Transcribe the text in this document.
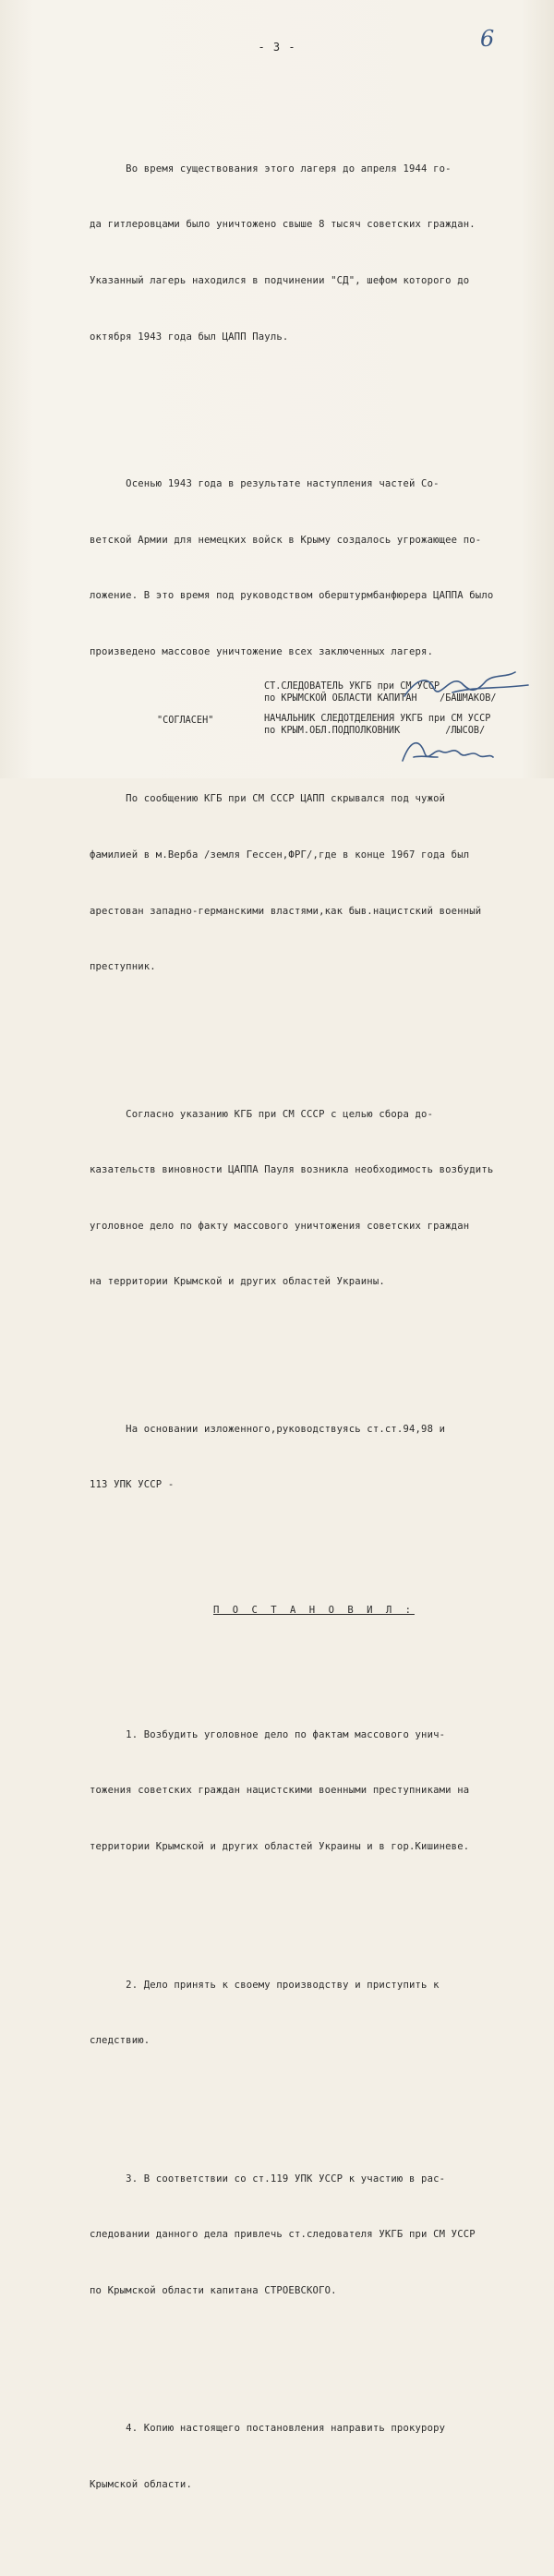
6
- 3 -

Во время существования этого лагеря до апреля 1944 го-

да гитлеровцами было уничтожено свыше 8 тысяч советских граждан.

Указанный лагерь находился в подчинении "СД", шефом которого до

октября 1943 года был ЦАПП Пауль.

Осенью 1943 года в результате наступления частей Со-

ветской Армии для немецких войск в Крыму создалось угрожающее по-

ложение. В это время под руководством оберштурмбанфюрера ЦАППА было

произведено массовое уничтожение всех заключенных лагеря.

По сообщению КГБ при СМ СССР ЦАПП скрывался под чужой

фамилией в м.Верба /земля Гессен,ФРГ/,где в конце 1967 года был

арестован западно-германскими властями,как быв.нацистский военный

преступник.

Согласно указанию КГБ при СМ СССР с целью сбора до-

казательств виновности ЦАППА Пауля возникла необходимость возбудить

уголовное дело по факту массового уничтожения советских граждан

на территории Крымской и других областей Украины.

На основании изложенного,руководствуясь ст.ст.94,98 и

113 УПК УССР -

П О С Т А Н О В И Л :

1. Возбудить уголовное дело по фактам массового унич-

тожения советских граждан нацистскими военными преступниками на

территории Крымской и других областей Украины и в гор.Кишиневе.

2. Дело принять к своему производству и приступить к

следствию.

3. В соответствии со ст.119 УПК УССР к участию в рас-

следовании данного дела привлечь ст.следователя УКГБ при СМ УССР

по Крымской области капитана СТРОЕВСКОГО.

4. Копию настоящего постановления направить прокурору

Крымской области.

"СОГЛАСЕН"

СТ.СЛЕДОВАТЕЛЬ УКГБ при СМ УССР

по КРЫМСКОЙ ОБЛАСТИ КАПИТАН    /БАШМАКОВ/

НАЧАЛЬНИК СЛЕДОТДЕЛЕНИЯ УКГБ при СМ УССР

по КРЫМ.ОБЛ.ПОДПОЛКОВНИК        /ЛЫСОВ/
